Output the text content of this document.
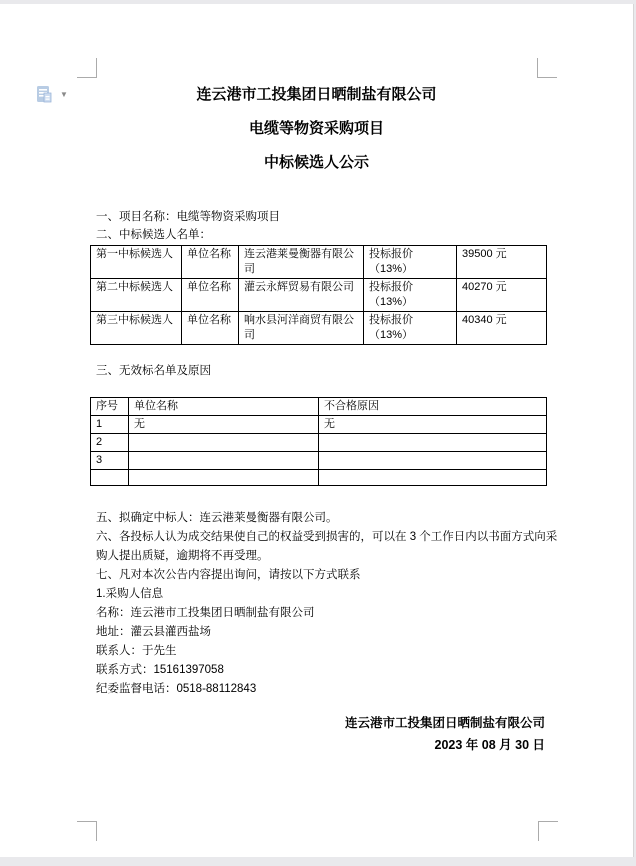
▼	连云港市工投集团日晒制盐有限公司
电缆等物资采购项目
中标候选人公示
一、项目名称：电缆等物资采购项目
二、中标候选人名单：
第一中标候选人	单位名称	连云港莱曼衡器有限公司	投标报价（13%）	39500 元
第二中标候选人	单位名称	灌云永辉贸易有限公司	投标报价（13%）	40270 元
第三中标候选人	单位名称	响水县河洋商贸有限公司	投标报价（13%）	40340 元
三、无效标名单及原因
序号	单位名称	不合格原因
1	无	无
2		
3		

五、拟确定中标人：连云港莱曼衡器有限公司。

六、各投标人认为成交结果使自己的权益受到损害的，可以在 3 个工作日内以书面方式向采购人提出质疑，逾期将不再受理。

七、凡对本次公告内容提出询问，请按以下方式联系

1.采购人信息

名称：连云港市工投集团日晒制盐有限公司

地址：灌云县灌西盐场

联系人：于先生

联系方式：15161397058

纪委监督电话：0518-88112843

连云港市工投集团日晒制盐有限公司
2023 年 08 月 30 日
